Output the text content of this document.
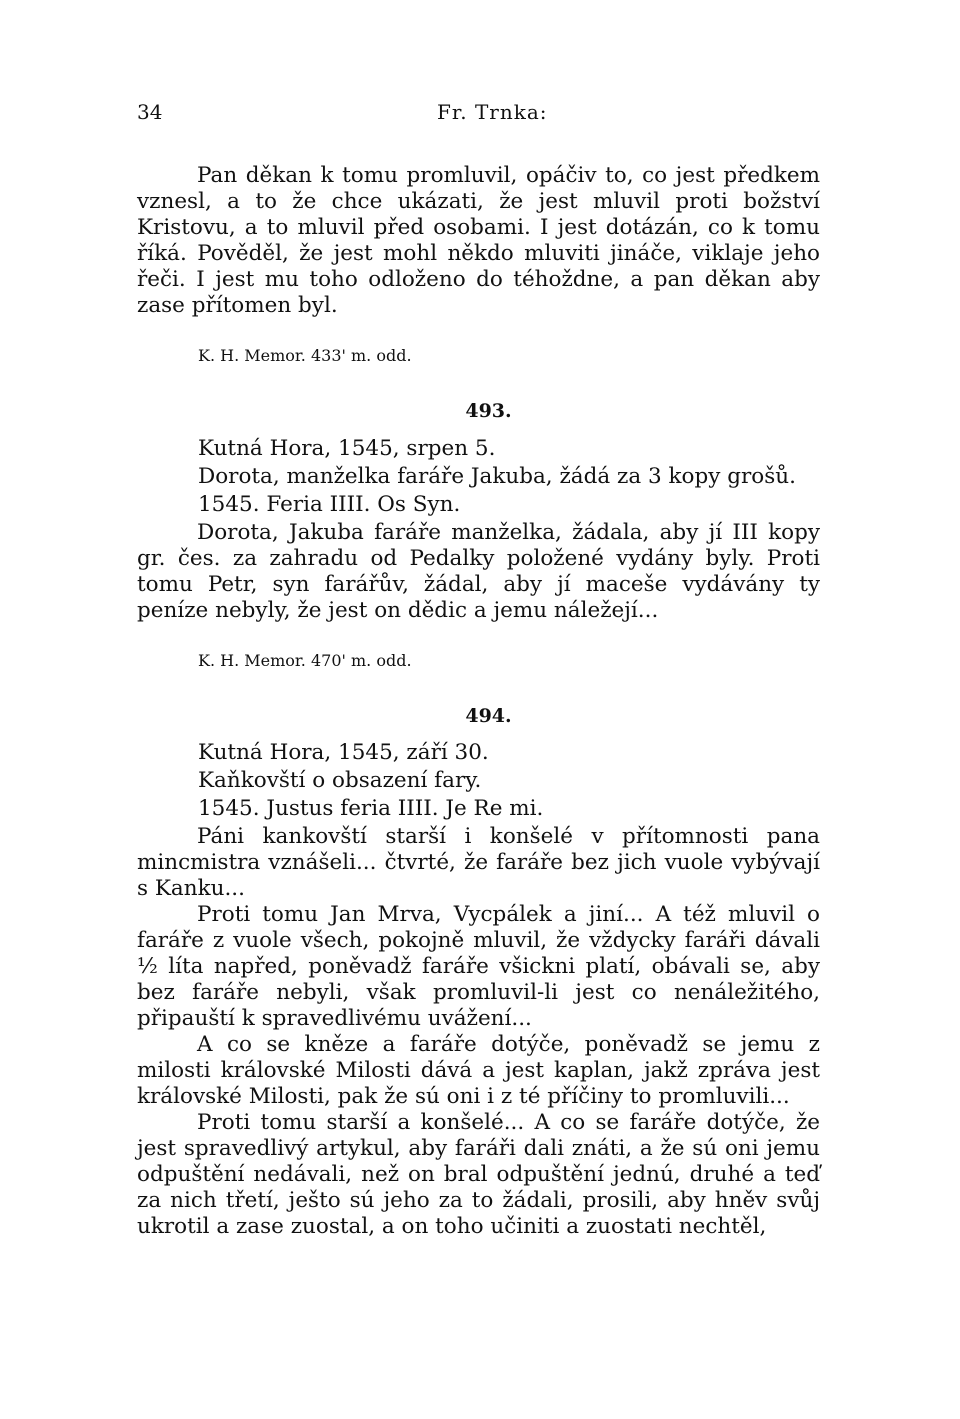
34	Fr. Trnka:

Pan děkan k tomu promluvil, opáčiv to, co jest předkem vznesl, a to že chce ukázati, že jest mluvil proti božství Kristovu, a to mluvil před osobami. I jest dotázán, co k tomu říká. Pověděl, že jest mohl někdo mluviti jináče, viklaje jeho řeči. I jest mu toho odloženo do téhoždne, a pan děkan aby zase přítomen byl.

K. H. Memor. 433' m. odd.
493.
Kutná Hora, 1545, srpen 5.
Dorota, manželka faráře Jakuba, žádá za 3 kopy grošů.
1545. Feria IIII. Os Syn.

Dorota, Jakuba faráře manželka, žádala, aby jí III kopy gr. čes. za zahradu od Pedalky položené vydány byly. Proti tomu Petr, syn farářův, žádal, aby jí maceše vydávány ty peníze nebyly, že jest on dědic a jemu náležejí...

K. H. Memor. 470' m. odd.
494.
Kutná Hora, 1545, září 30.
Kaňkovští o obsazení fary.
1545. Justus feria IIII. Je Re mi.

Páni kankovští starší i konšelé v přítomnosti pana mincmistra vznášeli... čtvrté, že faráře bez jich vuole vybývají s Kanku...

Proti tomu Jan Mrva, Vycpálek a jiní... A též mluvil o faráře z vuole všech, pokojně mluvil, že vždycky faráři dávali ½ líta napřed, poněvadž faráře všickni platí, obávali se, aby bez faráře nebyli, však promluvil-li jest co nenáležitého, připauští k spravedlivému uvážení...

A co se kněze a faráře dotýče, poněvadž se jemu z milosti královské Milosti dává a jest kaplan, jakž zpráva jest královské Milosti, pak že sú oni i z té příčiny to promluvili...

Proti tomu starší a konšelé... A co se faráře dotýče, že jest spravedlivý artykul, aby faráři dali znáti, a že sú oni jemu odpuštění nedávali, než on bral odpuštění jednú, druhé a teď za nich třetí, ješto sú jeho za to žádali, prosili, aby hněv svůj ukrotil a zase zuostal, a on toho učiniti a zuostati nechtěl,
